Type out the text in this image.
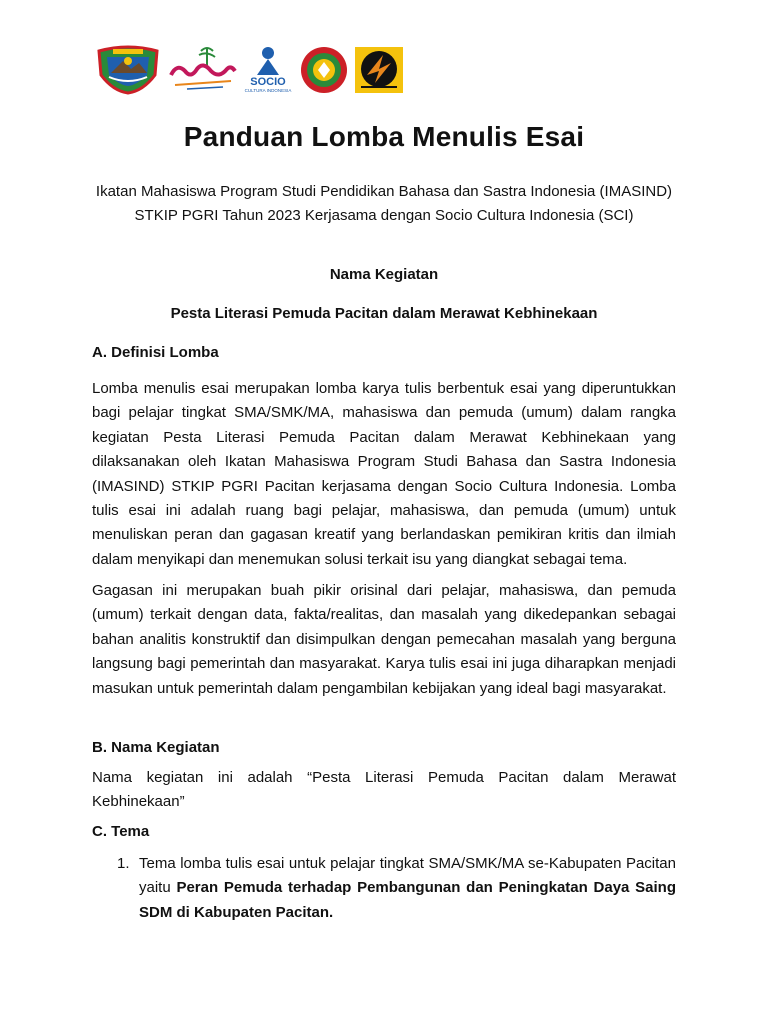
SOCIO
CULTURA INDONESIA
Panduan Lomba Menulis Esai
Ikatan Mahasiswa Program Studi Pendidikan Bahasa dan Sastra Indonesia (IMASIND) STKIP PGRI Tahun 2023 Kerjasama dengan Socio Cultura Indonesia (SCI)
Nama Kegiatan
Pesta Literasi Pemuda Pacitan dalam Merawat Kebhinekaan
A. Definisi Lomba
Lomba menulis esai merupakan lomba karya tulis berbentuk esai yang diperuntukkan bagi pelajar tingkat SMA/SMK/MA, mahasiswa dan pemuda (umum) dalam rangka kegiatan Pesta Literasi Pemuda Pacitan dalam Merawat Kebhinekaan yang dilaksanakan oleh Ikatan Mahasiswa Program Studi Bahasa dan Sastra Indonesia (IMASIND) STKIP PGRI Pacitan kerjasama dengan Socio Cultura Indonesia. Lomba tulis esai ini adalah ruang bagi pelajar, mahasiswa, dan pemuda (umum) untuk menuliskan peran dan gagasan kreatif yang berlandaskan pemikiran kritis dan ilmiah dalam menyikapi dan menemukan solusi terkait isu yang diangkat sebagai tema.
Gagasan ini merupakan buah pikir orisinal dari pelajar, mahasiswa, dan pemuda (umum) terkait dengan data, fakta/realitas, dan masalah yang dikedepankan sebagai bahan analitis konstruktif dan disimpulkan dengan pemecahan masalah yang berguna langsung bagi pemerintah dan masyarakat. Karya tulis esai ini juga diharapkan menjadi masukan untuk pemerintah dalam pengambilan kebijakan yang ideal bagi masyarakat.
B. Nama Kegiatan
Nama kegiatan ini adalah “Pesta Literasi Pemuda Pacitan dalam Merawat Kebhinekaan”
C. Tema
1. Tema lomba tulis esai untuk pelajar tingkat SMA/SMK/MA se-Kabupaten Pacitan yaitu Peran Pemuda terhadap Pembangunan dan Peningkatan Daya Saing SDM di Kabupaten Pacitan.
